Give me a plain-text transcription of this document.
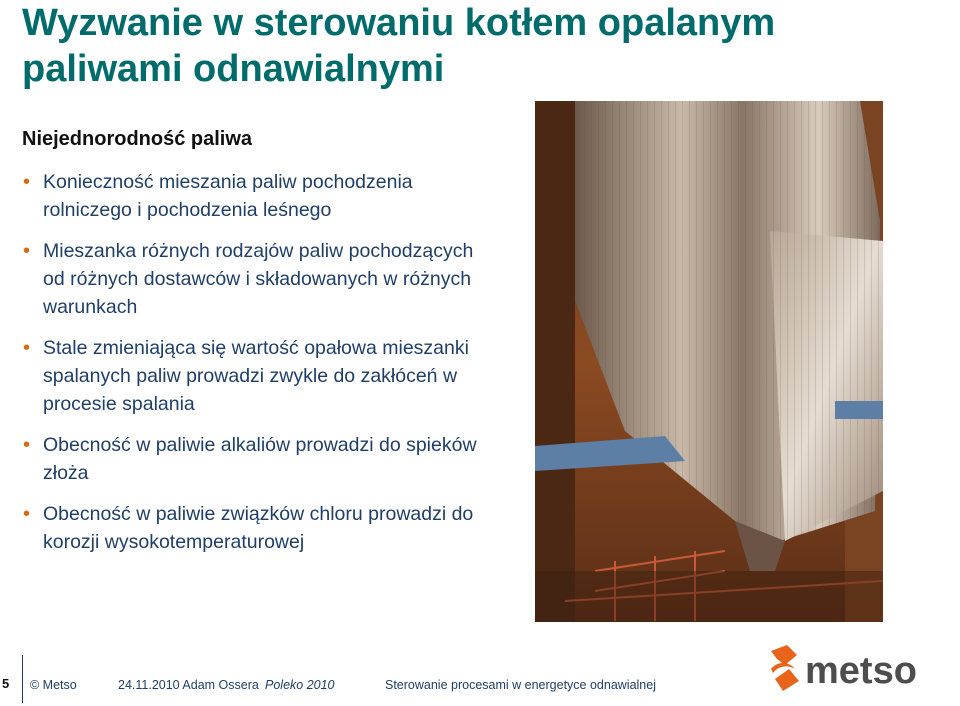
Wyzwanie w sterowaniu kotłem opalanym paliwami odnawialnymi
Niejednorodność paliwa
• Konieczność mieszania paliw pochodzenia rolniczego i pochodzenia leśnego
• Mieszanka różnych rodzajów paliw pochodzących od różnych dostawców i składowanych w różnych warunkach
• Stale zmieniająca się wartość opałowa mieszanki spalanych paliw prowadzi zwykle do zakłóceń w procesie spalania
• Obecność w paliwie alkaliów prowadzi do spieków złoża
• Obecność w paliwie związków chloru prowadzi do korozji wysokotemperaturowej
5 © Metso	24.11.2010 Adam Ossera Poleko 2010	Sterowanie procesami w energetyce odnawialnej	metso
